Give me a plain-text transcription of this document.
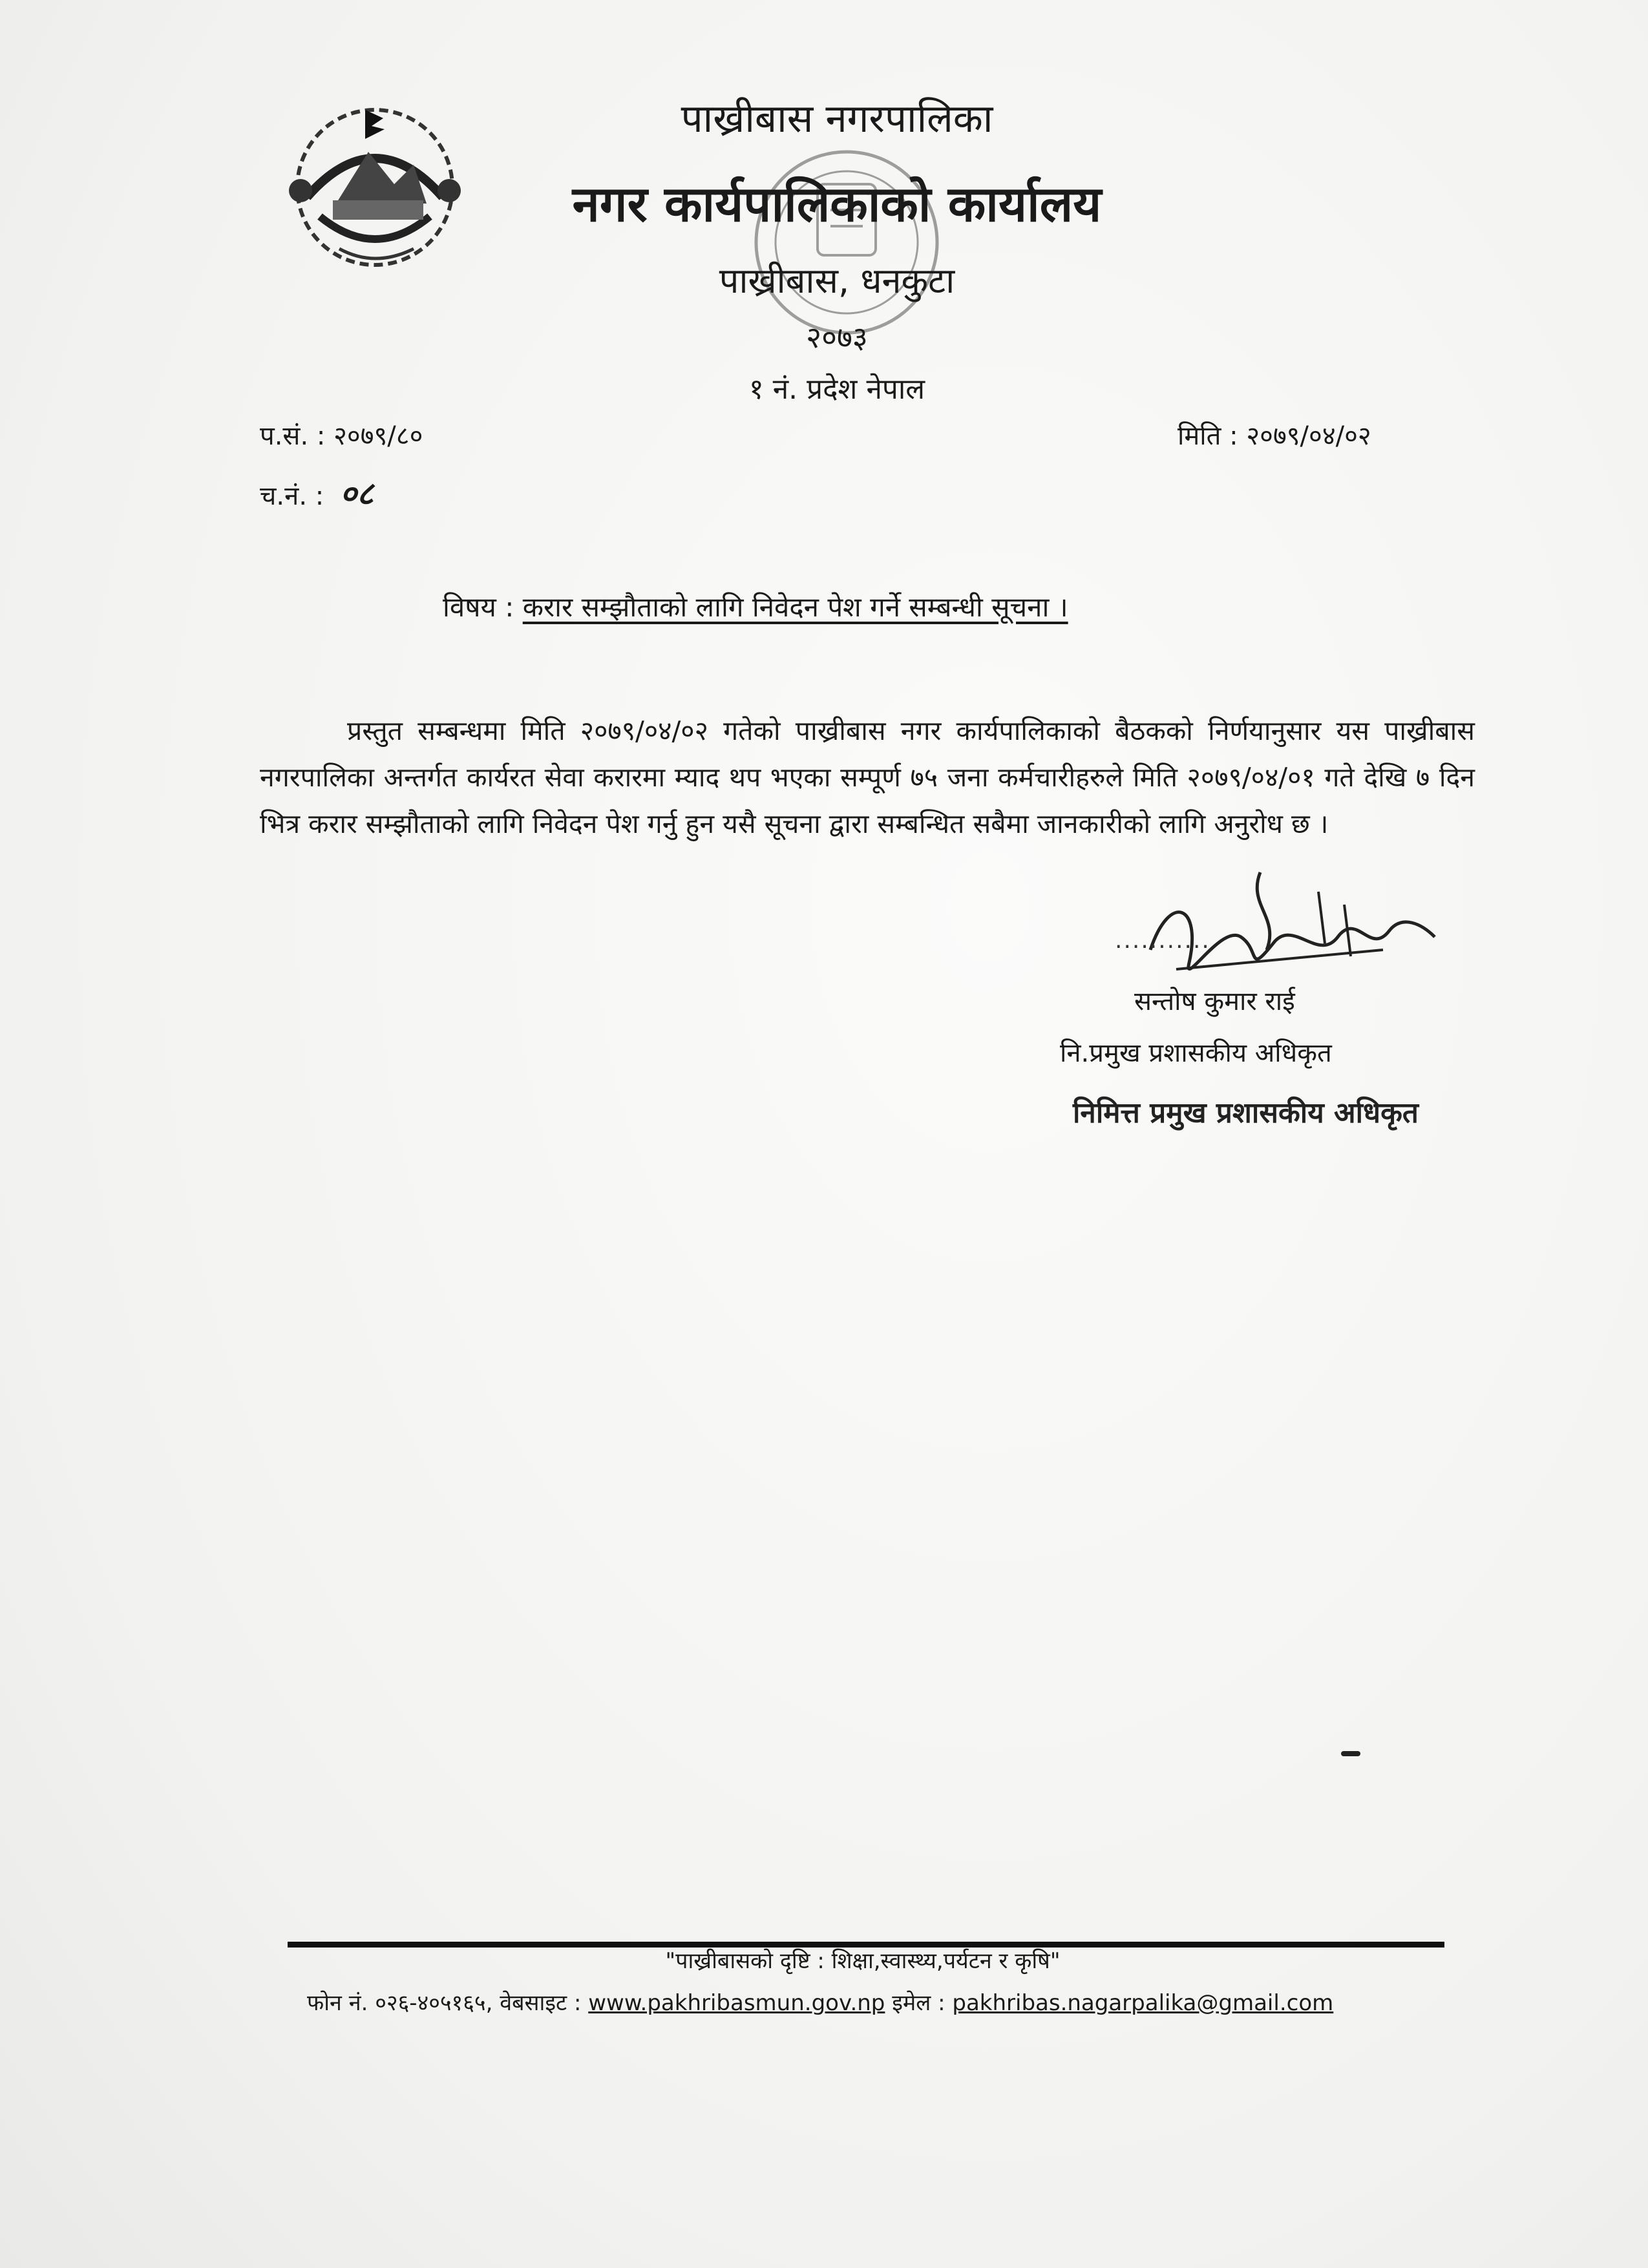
पाख्रीबास नगरपालिका
नगर कार्यपालिकाको कार्यालय
पाख्रीबास, धनकुटा
२०७३
१ नं. प्रदेश नेपाल
प.सं. : २०७९/८०
च.नं. : ०८
मिति : २०७९/०४/०२
विषय : करार सम्झौताको लागि निवेदन पेश गर्ने सम्बन्धी सूचना ।
प्रस्तुत सम्बन्धमा मिति २०७९/०४/०२ गतेको पाख्रीबास नगर कार्यपालिकाको बैठकको निर्णयानुसार यस पाख्रीबास नगरपालिका अन्तर्गत कार्यरत सेवा करारमा म्याद थप भएका सम्पूर्ण ७५ जना कर्मचारीहरुले मिति २०७९/०४/०१ गते देखि ७ दिन भित्र करार सम्झौताको लागि निवेदन पेश गर्नु हुन यसै सूचना द्वारा सम्बन्धित सबैमा जानकारीको लागि अनुरोध छ ।
...........
सन्तोष कुमार राई
नि.प्रमुख प्रशासकीय अधिकृत
निमित्त प्रमुख प्रशासकीय अधिकृत
"पाख्रीबासको दृष्टि : शिक्षा,स्वास्थ्य,पर्यटन र कृषि"
फोन नं. ०२६-४०५१६५, वेबसाइट : www.pakhribasmun.gov.np इमेल : pakhribas.nagarpalika@gmail.com
